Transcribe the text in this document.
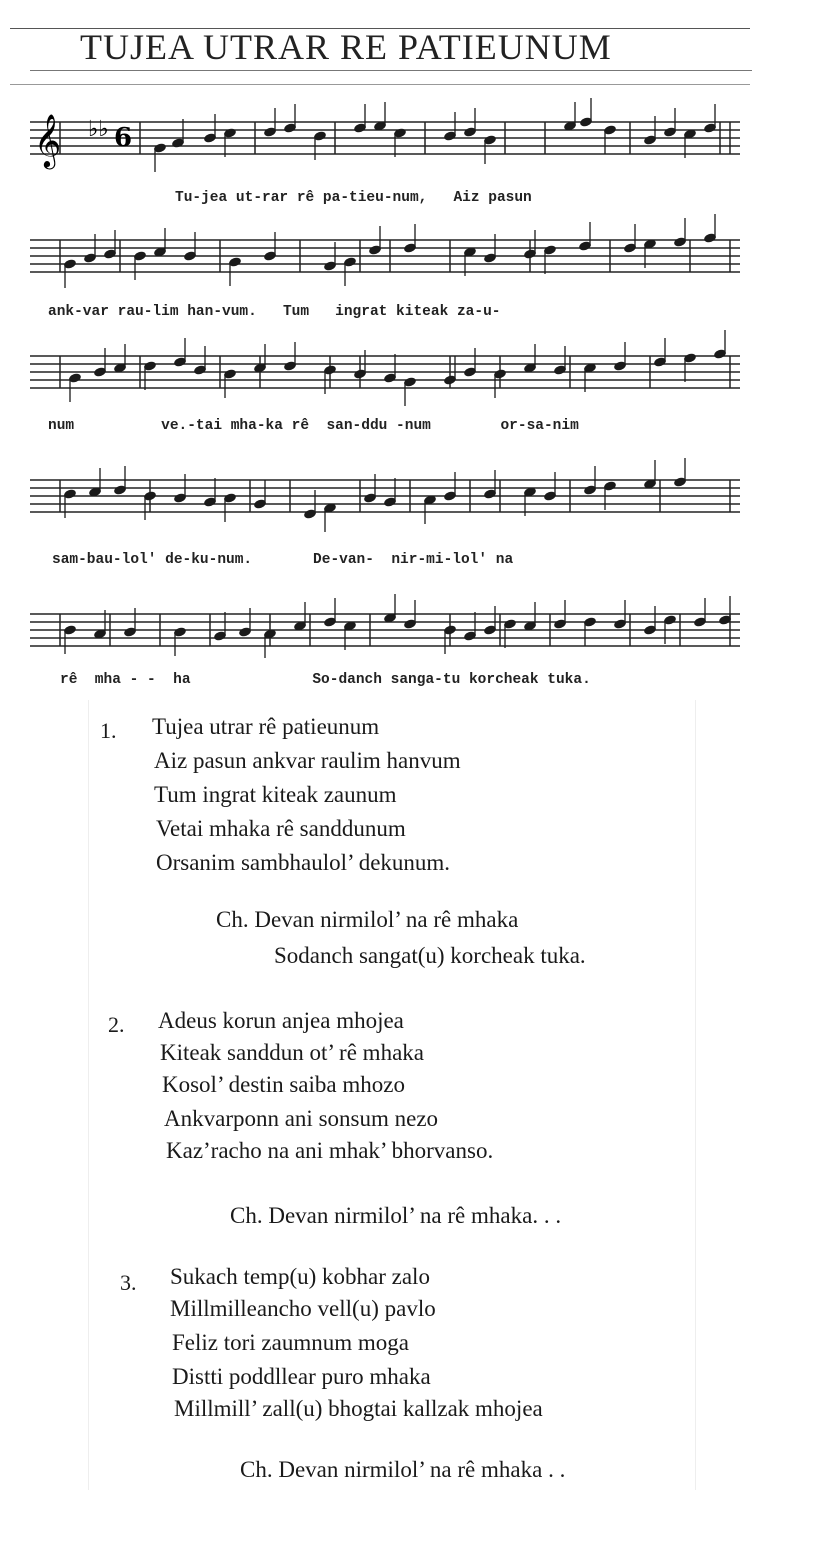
TUJEA UTRAR RE PATIEUNUM
𝄞 ♭♭ 6
Tu-jea ut-rar rê pa-tieu-num,   Aiz pasun
ank-var rau-lim han-vum.   Tum   ingrat kiteak za-u-
num          ve.-tai mha-ka rê  san-ddu -num        or-sa-nim
sam-bau-lol' de-ku-num.       De-van-  nir-mi-lol' na
rê  mha - -  ha              So-danch sanga-tu korcheak tuka.
1. Tujea utrar rê patieunum
Aiz pasun ankvar raulim hanvum
Tum ingrat kiteak zaunum
Vetai mhaka rê sanddunum
Orsanim sambhaulol’ dekunum.
Ch. Devan nirmilol’ na rê mhaka
Sodanch sangat(u) korcheak tuka.
2. Adeus korun anjea mhojea
Kiteak sanddun ot’ rê mhaka
Kosol’ destin saiba mhozo
Ankvarponn ani sonsum nezo
Kaz’racho na ani mhak’ bhorvanso.
Ch. Devan nirmilol’ na rê mhaka. . .
3. Sukach temp(u) kobhar zalo
Millmilleancho vell(u) pavlo
Feliz tori zaumnum moga
Distti poddllear puro mhaka
Millmill’ zall(u) bhogtai kallzak mhojea
Ch. Devan nirmilol’ na rê mhaka . .
